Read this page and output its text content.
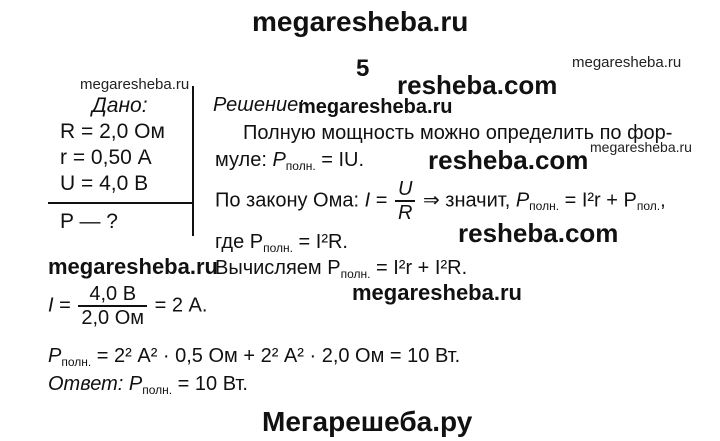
megaresheba.ru
megaresheba.ru
megaresheba.ru
megaresheba.ru
resheba.com
resheba.com
resheba.com
megaresheba.ru
megaresheba.ru
megaresheba.ru
Мегарешеба.ру
5
Дано:
R = 2,0 Ом
r = 0,50 А
U = 4,0 В
P — ?
Решение:
Полную мощность можно определить по фор-
муле: $P_{полн.}$ = IU.
По закону Ома: $I = \frac{U}{R}$ ⇒ значит, $P_{полн.} = I^2r + P_{пол.}$,
где $P_{полн.} = I^2R$.
Вычисляем $P_{полн.} = I^2r + I^2R$.
$I = \frac{4,0 В}{2,0 Ом} = 2$ А.
$P_{полн.} = 2^2$ А² · 0,5 Ом + 2² А² · 2,0 Ом = 10 Вт.
Ответ: $P_{полн.} = 10$ Вт.
